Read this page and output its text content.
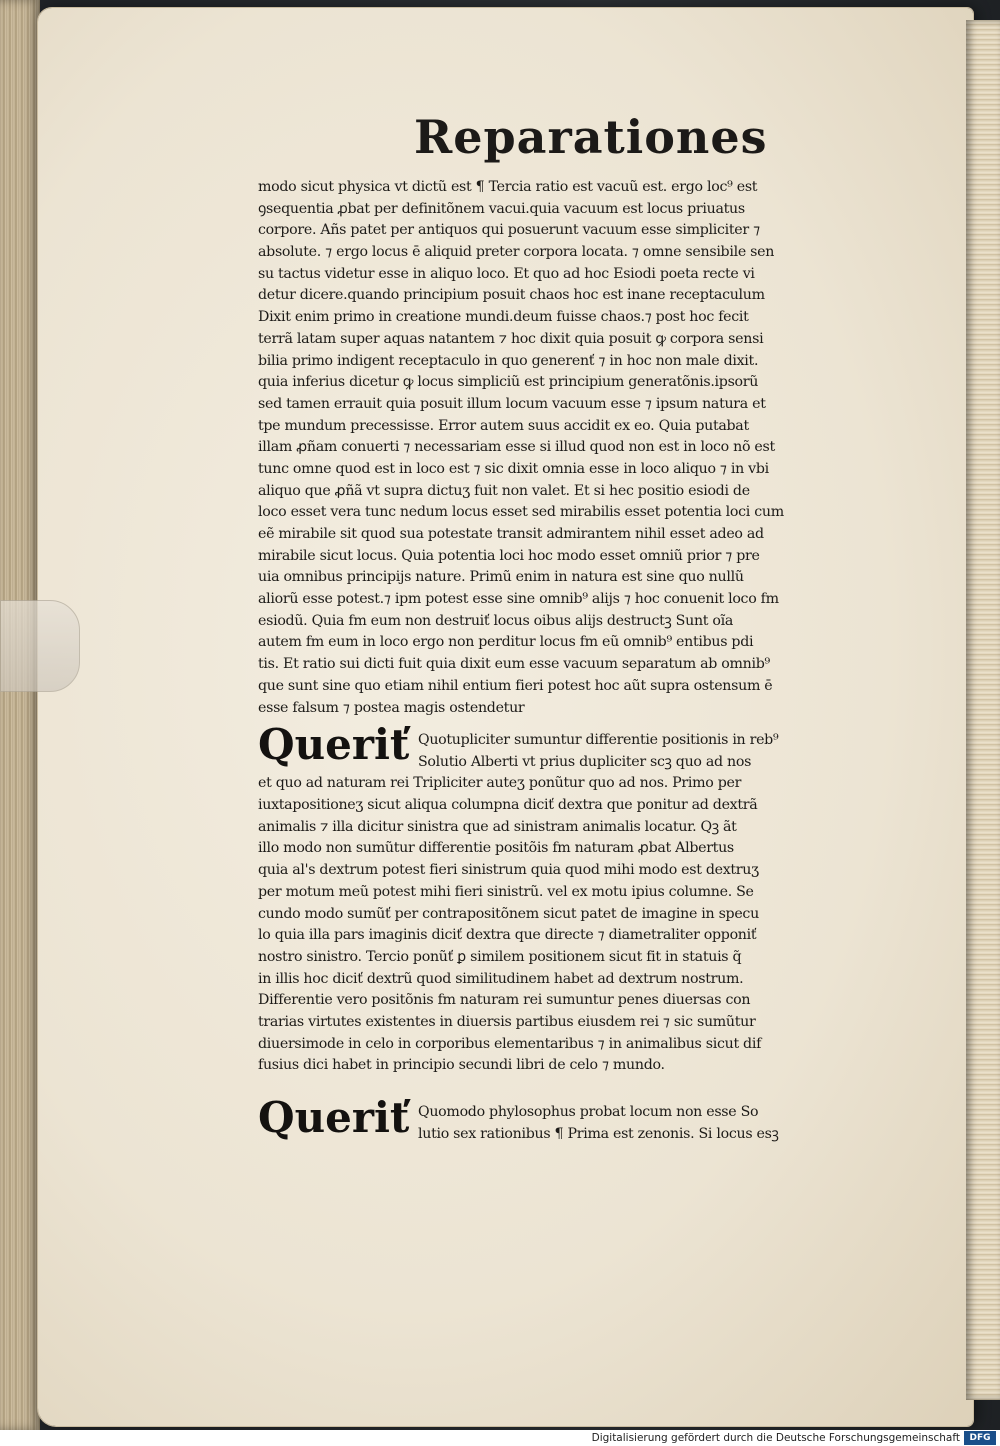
Reparationes
modo sicut physica vt dictũ est ¶ Tercia ratio est vacuũ est. ergo loc⁹ est
ꝯsequentia ꝓbat per definitõnem vacui.quia vacuum est locus priuatus
corpore. Añs patet per antiquos qui posuerunt vacuum esse simpliciter ⁊
absolute. ⁊ ergo locus ē aliquid preter corpora locata. ⁊ omne sensibile sen
su tactus videtur esse in aliquo loco. Et quo ad hoc Esiodi poeta recte vi
detur dicere.quando principium posuit chaos hoc est inane receptaculum
Dixit enim primo in creatione mundi.deum fuisse chaos.⁊ post hoc fecit
terrã latam super aquas natantem ⁊ hoc dixit quia posuit ꝙ corpora sensi
bilia primo indigent receptaculo in quo generenť ⁊ in hoc non male dixit.
quia inferius dicetur ꝙ locus simpliciũ est principium generatõnis.ipsorũ
sed tamen errauit quia posuit illum locum vacuum esse ⁊ ipsum natura et
tpe mundum precessisse. Error autem suus accidit ex eo. Quia putabat
illam ꝓñam conuerti ⁊ necessariam esse si illud quod non est in loco nõ est
tunc omne quod est in loco est ⁊ sic dixit omnia esse in loco aliquo ⁊ in vbi
aliquo que ꝓñã vt supra dictuʒ fuit non valet. Et si hec positio esiodi de
loco esset vera tunc nedum locus esset sed mirabilis esset potentia loci cum
eẽ mirabile sit quod sua potestate transit admirantem nihil esset adeo ad
mirabile sicut locus. Quia potentia loci hoc modo esset omniũ prior ⁊ pre
uia omnibus principijs nature. Primũ enim in natura est sine quo nullũ
aliorũ esse potest.⁊ ipm potest esse sine omnib⁹ alijs ⁊ hoc conuenit loco fm
esiodũ. Quia fm eum non destruiť locus oibus alijs destructꝫ Sunt oĩa
autem fm eum in loco ergo non perditur locus fm eũ omnib⁹ entibus pdi
tis. Et ratio sui dicti fuit quia dixit eum esse vacuum separatum ab omnib⁹
que sunt sine quo etiam nihil entium fieri potest hoc aũt supra ostensum ē
esse falsum ⁊ postea magis ostendetur
Queriť Quotupliciter sumuntur differentie positionis in reb⁹
Solutio Alberti vt prius dupliciter scꝫ quo ad nos
et quo ad naturam rei Tripliciter auteʒ ponũtur quo ad nos. Primo per
iuxtapositioneʒ sicut aliqua columpna diciť dextra que ponitur ad dextrã
animalis ⁊ illa dicitur sinistra que ad sinistram animalis locatur. Qꝫ ãt
illo modo non sumũtur differentie positõis fm naturam ꝓbat Albertus
quia al's dextrum potest fieri sinistrum quia quod mihi modo est dextruʒ
per motum meũ potest mihi fieri sinistrũ. vel ex motu ipius columne. Se
cundo modo sumũť per contrapositõnem sicut patet de imagine in specu
lo quia illa pars imaginis diciť dextra que directe ⁊ diametraliter opponiť
nostro sinistro. Tercio ponũť ꝑ similem positionem sicut fit in statuis q̃
in illis hoc diciť dextrũ quod similitudinem habet ad dextrum nostrum.
Differentie vero positõnis fm naturam rei sumuntur penes diuersas con
trarias virtutes existentes in diuersis partibus eiusdem rei ⁊ sic sumũtur
diuersimode in celo in corporibus elementaribus ⁊ in animalibus sicut dif
fusius dici habet in principio secundi libri de celo ⁊ mundo.
Queriť Quomodo phylosophus probat locum non esse So
lutio sex rationibus ¶ Prima est zenonis. Si locus esꝫ
Digitalisierung gefördert durch die Deutsche Forschungsgemeinschaft	DFG
